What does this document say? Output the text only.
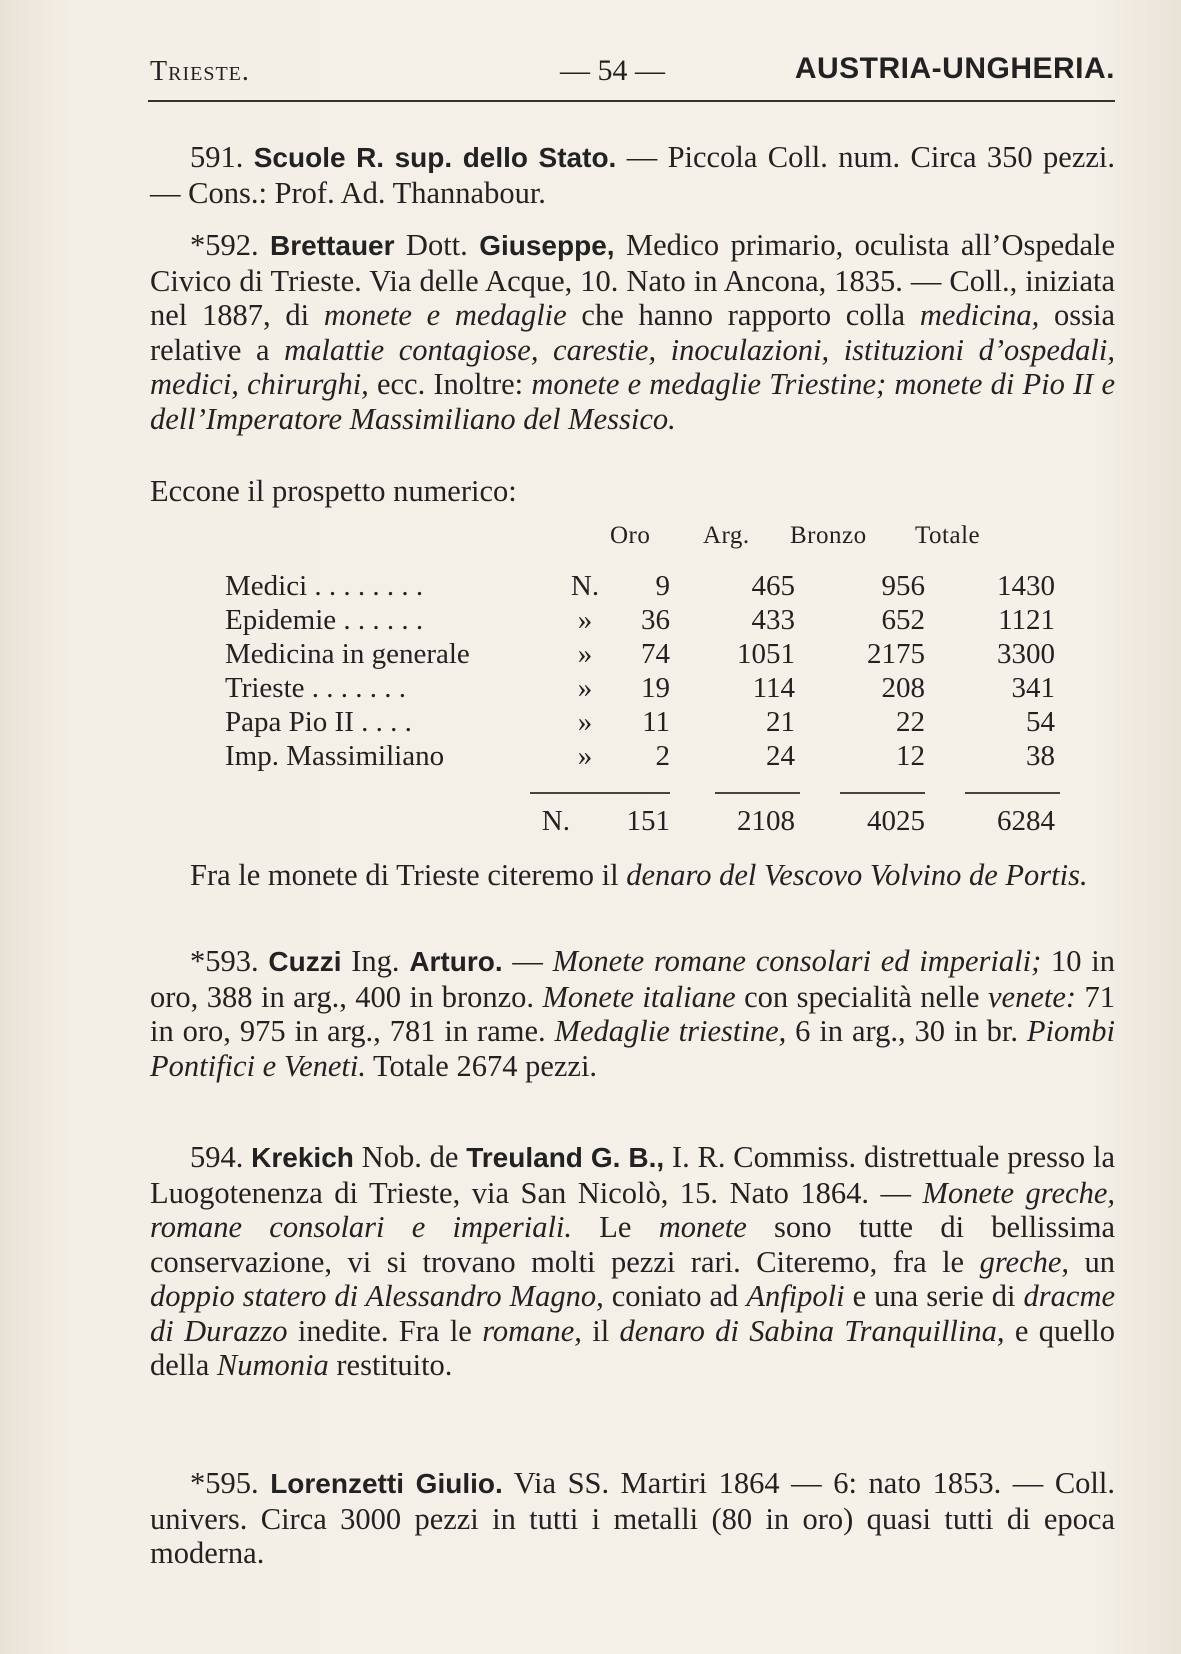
Trieste.	— 54 —	AUSTRIA-UNGHERIA.

591. Scuole R. sup. dello Stato. — Piccola Coll. num. Circa 350 pezzi. — Cons.: Prof. Ad. Thannabour.

*592. Brettauer Dott. Giuseppe, Medico primario, oculista all’Ospedale Civico di Trieste. Via delle Acque, 10. Nato in Ancona, 1835. — Coll., iniziata nel 1887, di monete e medaglie che hanno rapporto colla medicina, ossia relative a malattie contagiose, carestie, inoculazioni, istituzioni d’ospedali, medici, chirurghi, ecc. Inoltre: monete e medaglie Triestine; monete di Pio II e dell’Imperatore Massimiliano del Messico.

Eccone il prospetto numerico:

Oro Arg. Bronzo Totale
Medici . . . . . . . .	N.	9	465	956	1430
Epidemie . . . . . .	»	36	433	652	1121
Medicina in generale	»	74	1051	2175	3300
Trieste . . . . . . .	»	19	114	208	341
Papa Pio II . . . .	»	11	21	22	54
Imp. Massimiliano	»	2	24	12	38
N.	151	2108	4025	6284

Fra le monete di Trieste citeremo il denaro del Vescovo Volvino de Portis.

*593. Cuzzi Ing. Arturo. — Monete romane consolari ed imperiali; 10 in oro, 388 in arg., 400 in bronzo. Monete italiane con specialità nelle venete: 71 in oro, 975 in arg., 781 in rame. Medaglie triestine, 6 in arg., 30 in br. Piombi Pontifici e Veneti. Totale 2674 pezzi.

594. Krekich Nob. de Treuland G. B., I. R. Commiss. distrettuale presso la Luogotenenza di Trieste, via San Nicolò, 15. Nato 1864. — Monete greche, romane consolari e imperiali. Le monete sono tutte di bellissima conservazione, vi si trovano molti pezzi rari. Citeremo, fra le greche, un doppio statero di Alessandro Magno, coniato ad Anfipoli e una serie di dracme di Durazzo inedite. Fra le romane, il denaro di Sabina Tranquillina, e quello della Numonia restituito.

*595. Lorenzetti Giulio. Via SS. Martiri 1864 — 6: nato 1853. — Coll. univers. Circa 3000 pezzi in tutti i metalli (80 in oro) quasi tutti di epoca moderna.
